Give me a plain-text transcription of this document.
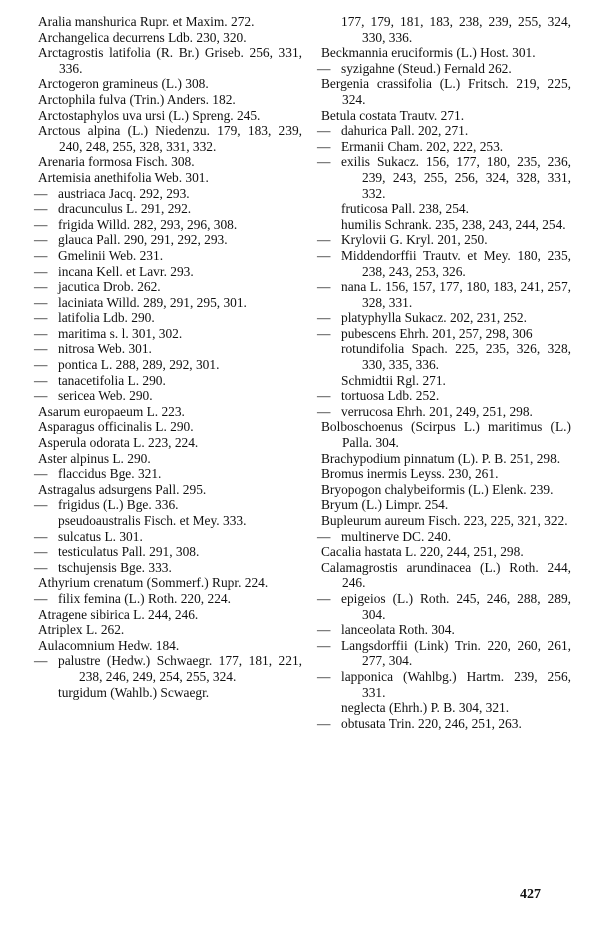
Aralia manshurica Rupr. et Maxim. 272.

Archangelica decurrens Ldb. 230, 320.

Arctagrostis latifolia (R. Br.) Griseb. 256, 331, 336.

Arctogeron gramineus (L.) 308.

Arctophila fulva (Trin.) Anders. 182.

Arctostaphylos uva ursi (L.) Spreng. 245.

Arctous alpina (L.) Niedenzu. 179, 183, 239, 240, 248, 255, 328, 331, 332.

Arenaria formosa Fisch. 308.

Artemisia anethifolia Web. 301.

— austriaca Jacq. 292, 293.

— dracunculus L. 291, 292.

— frigida Willd. 282, 293, 296, 308.

— glauca Pall. 290, 291, 292, 293.

— Gmelinii Web. 231.

— incana Kell. et Lavr. 293.

— jacutica Drob. 262.

— laciniata Willd. 289, 291, 295, 301.

— latifolia Ldb. 290.

— maritima s. l. 301, 302.

— nitrosa Web. 301.

— pontica L. 288, 289, 292, 301.

— tanacetifolia L. 290.

— sericea Web. 290.

Asarum europaeum L. 223.

Asparagus officinalis L. 290.

Asperula odorata L. 223, 224.

Aster alpinus L. 290.

— flaccidus Bge. 321.

Astragalus adsurgens Pall. 295.

— frigidus (L.) Bge. 336.

pseudoaustralis Fisch. et Mey. 333.

— sulcatus L. 301.

— testiculatus Pall. 291, 308.

— tschujensis Bge. 333.

Athyrium crenatum (Sommerf.) Rupr. 224.

— filix femina (L.) Roth. 220, 224.

Atragene sibirica L. 244, 246.

Atriplex L. 262.

Aulacomnium Hedw. 184.

— palustre (Hedw.) Schwaegr. 177, 181, 221, 238, 246, 249, 254, 255, 324.

turgidum (Wahlb.) Scwaegr.

177, 179, 181, 183, 238, 239, 255, 324, 330, 336.

Beckmannia eruciformis (L.) Host. 301.

— syzigahne (Steud.) Fernald 262.

Bergenia crassifolia (L.) Fritsch. 219, 225, 324.

Betula costata Trautv. 271.

— dahurica Pall. 202, 271.

— Ermanii Cham. 202, 222, 253.

— exilis Sukacz. 156, 177, 180, 235, 236, 239, 243, 255, 256, 324, 328, 331, 332.

fruticosa Pall. 238, 254.

humilis Schrank. 235, 238, 243, 244, 254.

— Krylovii G. Kryl. 201, 250.

— Middendorffii Trautv. et Mey. 180, 235, 238, 243, 253, 326.

— nana L. 156, 157, 177, 180, 183, 241, 257, 328, 331.

— platyphylla Sukacz. 202, 231, 252.

— pubescens Ehrh. 201, 257, 298, 306

rotundifolia Spach. 225, 235, 326, 328, 330, 335, 336.

Schmidtii Rgl. 271.

— tortuosa Ldb. 252.

— verrucosa Ehrh. 201, 249, 251, 298.

Bolboschoenus (Scirpus L.) maritimus (L.) Palla. 304.

Brachypodium pinnatum (L). P. B. 251, 298.

Bromus inermis Leyss. 230, 261.

Bryopogon chalybeiformis (L.) Elenk. 239.

Bryum (L.) Limpr. 254.

Bupleurum aureum Fisch. 223, 225, 321, 322.

— multinerve DC. 240.

Cacalia hastata L. 220, 244, 251, 298.

Calamagrostis arundinacea (L.) Roth. 244, 246.

— epigeios (L.) Roth. 245, 246, 288, 289, 304.

— lanceolata Roth. 304.

— Langsdorffii (Link) Trin. 220, 260, 261, 277, 304.

— lapponica (Wahlbg.) Hartm. 239, 256, 331.

neglecta (Ehrh.) P. B. 304, 321.

— obtusata Trin. 220, 246, 251, 263.

427
